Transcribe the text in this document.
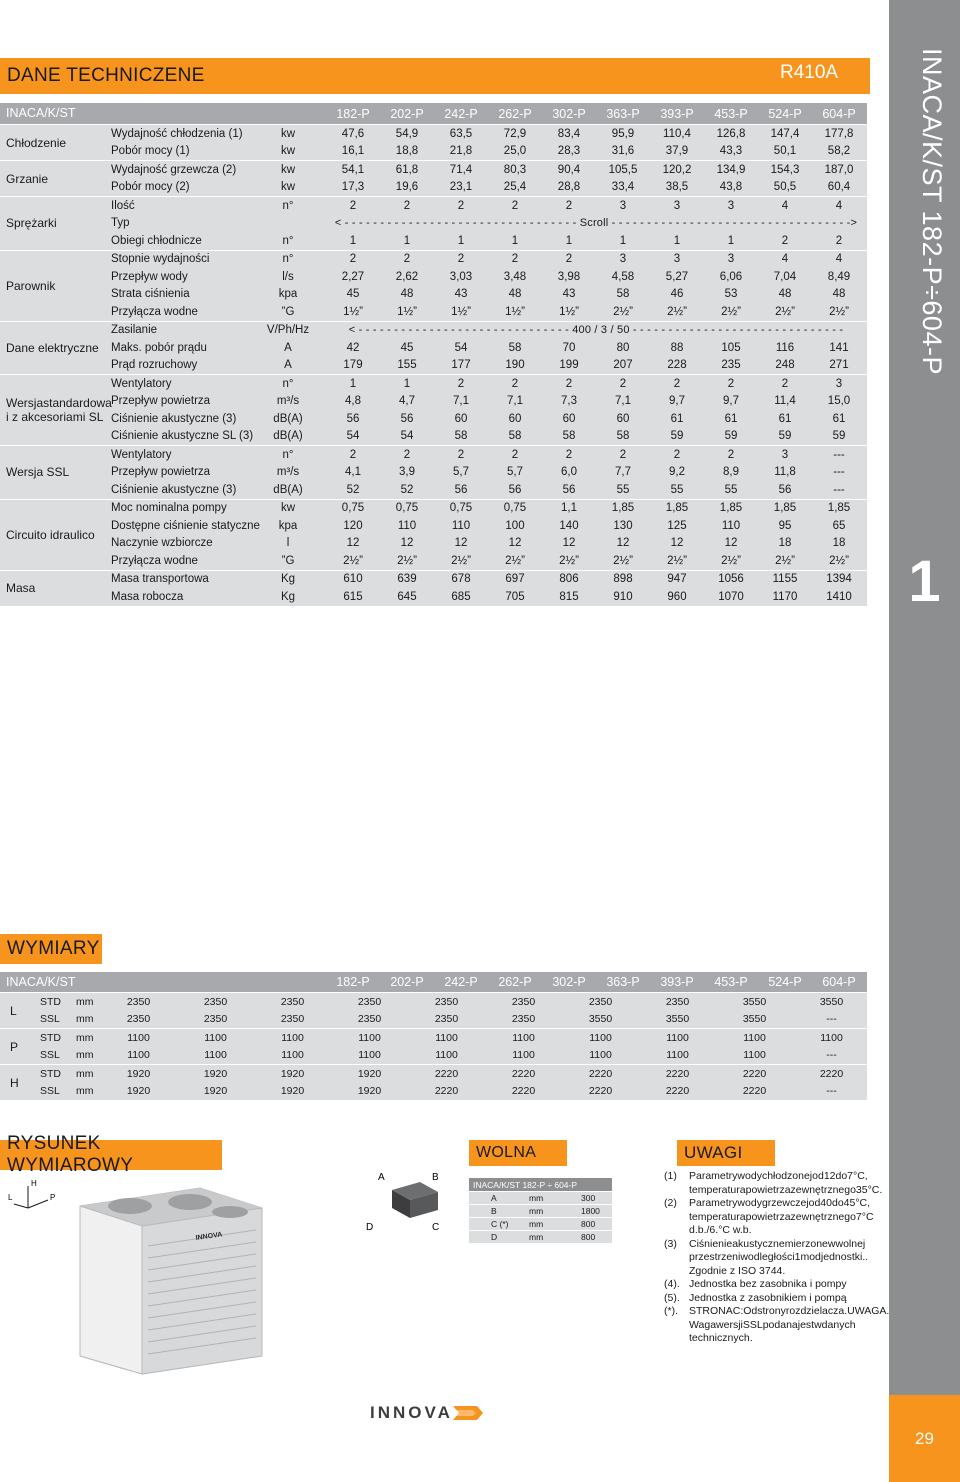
INACA/K/ST 182-P÷604-P
1
29
DANE TECHNICZENE	R410A
INACA/K/ST	182-P	202-P	242-P	262-P	302-P	363-P	393-P	453-P	524-P	604-P
Chłodzenie
Wydajność chłodzenia (1)	kw	47,6	54,9	63,5	72,9	83,4	95,9	110,4	126,8	147,4	177,8
Pobór mocy (1)	kw	16,1	18,8	21,8	25,0	28,3	31,6	37,9	43,3	50,1	58,2
Grzanie
Wydajność grzewcza (2)	kw	54,1	61,8	71,4	80,3	90,4	105,5	120,2	134,9	154,3	187,0
Pobór mocy (2)	kw	17,3	19,6	23,1	25,4	28,8	33,4	38,5	43,8	50,5	60,4
Sprężarki
Ilość	n°	2	2	2	2	2	3	3	3	4	4
Typ	< - - - - - - - - - - - - - - - - - - - - - - - - - - - - - - - - - Scroll - - - - - - - - - - - - - - - - - - - - - - - - - - - - - - - - - ->
Obiegi chłodnicze	n°	1	1	1	1	1	1	1	1	2	2
Parownik
Stopnie wydajności	n°	2	2	2	2	2	3	3	3	4	4
Przepływ wody	l/s	2,27	2,62	3,03	3,48	3,98	4,58	5,27	6,06	7,04	8,49
Strata ciśnienia	kpa	45	48	43	48	43	58	46	53	48	48
Przyłącza wodne	”G	1½”	1½”	1½”	1½”	1½”	2½”	2½”	2½”	2½”	2½”
Dane elektryczne
Zasilanie	V/Ph/Hz	< - - - - - - - - - - - - - - - - - - - - - - - - - - - - - - 400 / 3 / 50 - - - - - - - - - - - - - - - - - - - - - - - - - - - - - -
Maks. pobór prądu	A	42	45	54	58	70	80	88	105	116	141
Prąd rozruchowy	A	179	155	177	190	199	207	228	235	248	271
Wersjastandardowa
i z akcesoriami SL
Wentylatory	n°	1	1	2	2	2	2	2	2	2	3
Przepływ powietrza	m³/s	4,8	4,7	7,1	7,1	7,3	7,1	9,7	9,7	11,4	15,0
Ciśnienie akustyczne (3)	dB(A)	56	56	60	60	60	60	61	61	61	61
Ciśnienie akustyczne SL (3)	dB(A)	54	54	58	58	58	58	59	59	59	59
Wersja SSL
Wentylatory	n°	2	2	2	2	2	2	2	2	3	---
Przepływ powietrza	m³/s	4,1	3,9	5,7	5,7	6,0	7,7	9,2	8,9	11,8	---
Ciśnienie akustyczne (3)	dB(A)	52	52	56	56	56	55	55	55	56	---
Circuito idraulico
Moc nominalna pompy	kw	0,75	0,75	0,75	0,75	1,1	1,85	1,85	1,85	1,85	1,85
Dostępne ciśnienie statyczne	kpa	120	110	110	100	140	130	125	110	95	65
Naczynie wzbiorcze	l	12	12	12	12	12	12	12	12	18	18
Przyłącza wodne	”G	2½”	2½”	2½”	2½”	2½”	2½”	2½”	2½”	2½”	2½”
Masa
Masa transportowa	Kg	610	639	678	697	806	898	947	1056	1155	1394
Masa robocza	Kg	615	645	685	705	815	910	960	1070	1170	1410
WYMIARY
INACA/K/ST	182-P	202-P	242-P	262-P	302-P	363-P	393-P	453-P	524-P	604-P
L
STD mm	2350	2350	2350	2350	2350	2350	2350	2350	3550	3550
SSL mm	2350	2350	2350	2350	2350	2350	3550	3550	3550	---
P
STD mm	1100	1100	1100	1100	1100	1100	1100	1100	1100	1100
SSL mm	1100	1100	1100	1100	1100	1100	1100	1100	1100	---
H
STD mm	1920	1920	1920	1920	2220	2220	2220	2220	2220	2220
SSL mm	1920	1920	1920	1920	2220	2220	2220	2220	2220	---
RYSUNEK WYMIAROWY
H
L	P
INNOVA
WOLNA
A	B
D	C
INACA/K/ST 182-P ÷ 604-P
A	mm	300
B	mm	1800
C (*) mm	800
D	mm	800
UWAGI
(1)	Parametrywodychłodzonejod12do7°C, temperaturapowietrzazewnętrznego35°C.
(2)	Parametrywodygrzewczejod40do45°C, temperaturapowietrzazewnętrznego7°C d.b./6.°C w.b.
(3)	Ciśnienieakustycznemierzonewwolnej przestrzeniwodległości1modjednostki.. Zgodnie z ISO 3744.
(4). Jednostka bez zasobnika i pompy
(5). Jednostka z zasobnikiem i pompą
(*).	STRONAC:Odstronyrozdzielacza.UWAGA. WagawersjiSSLpodanajestwdanych technicznych.
INNOVA
